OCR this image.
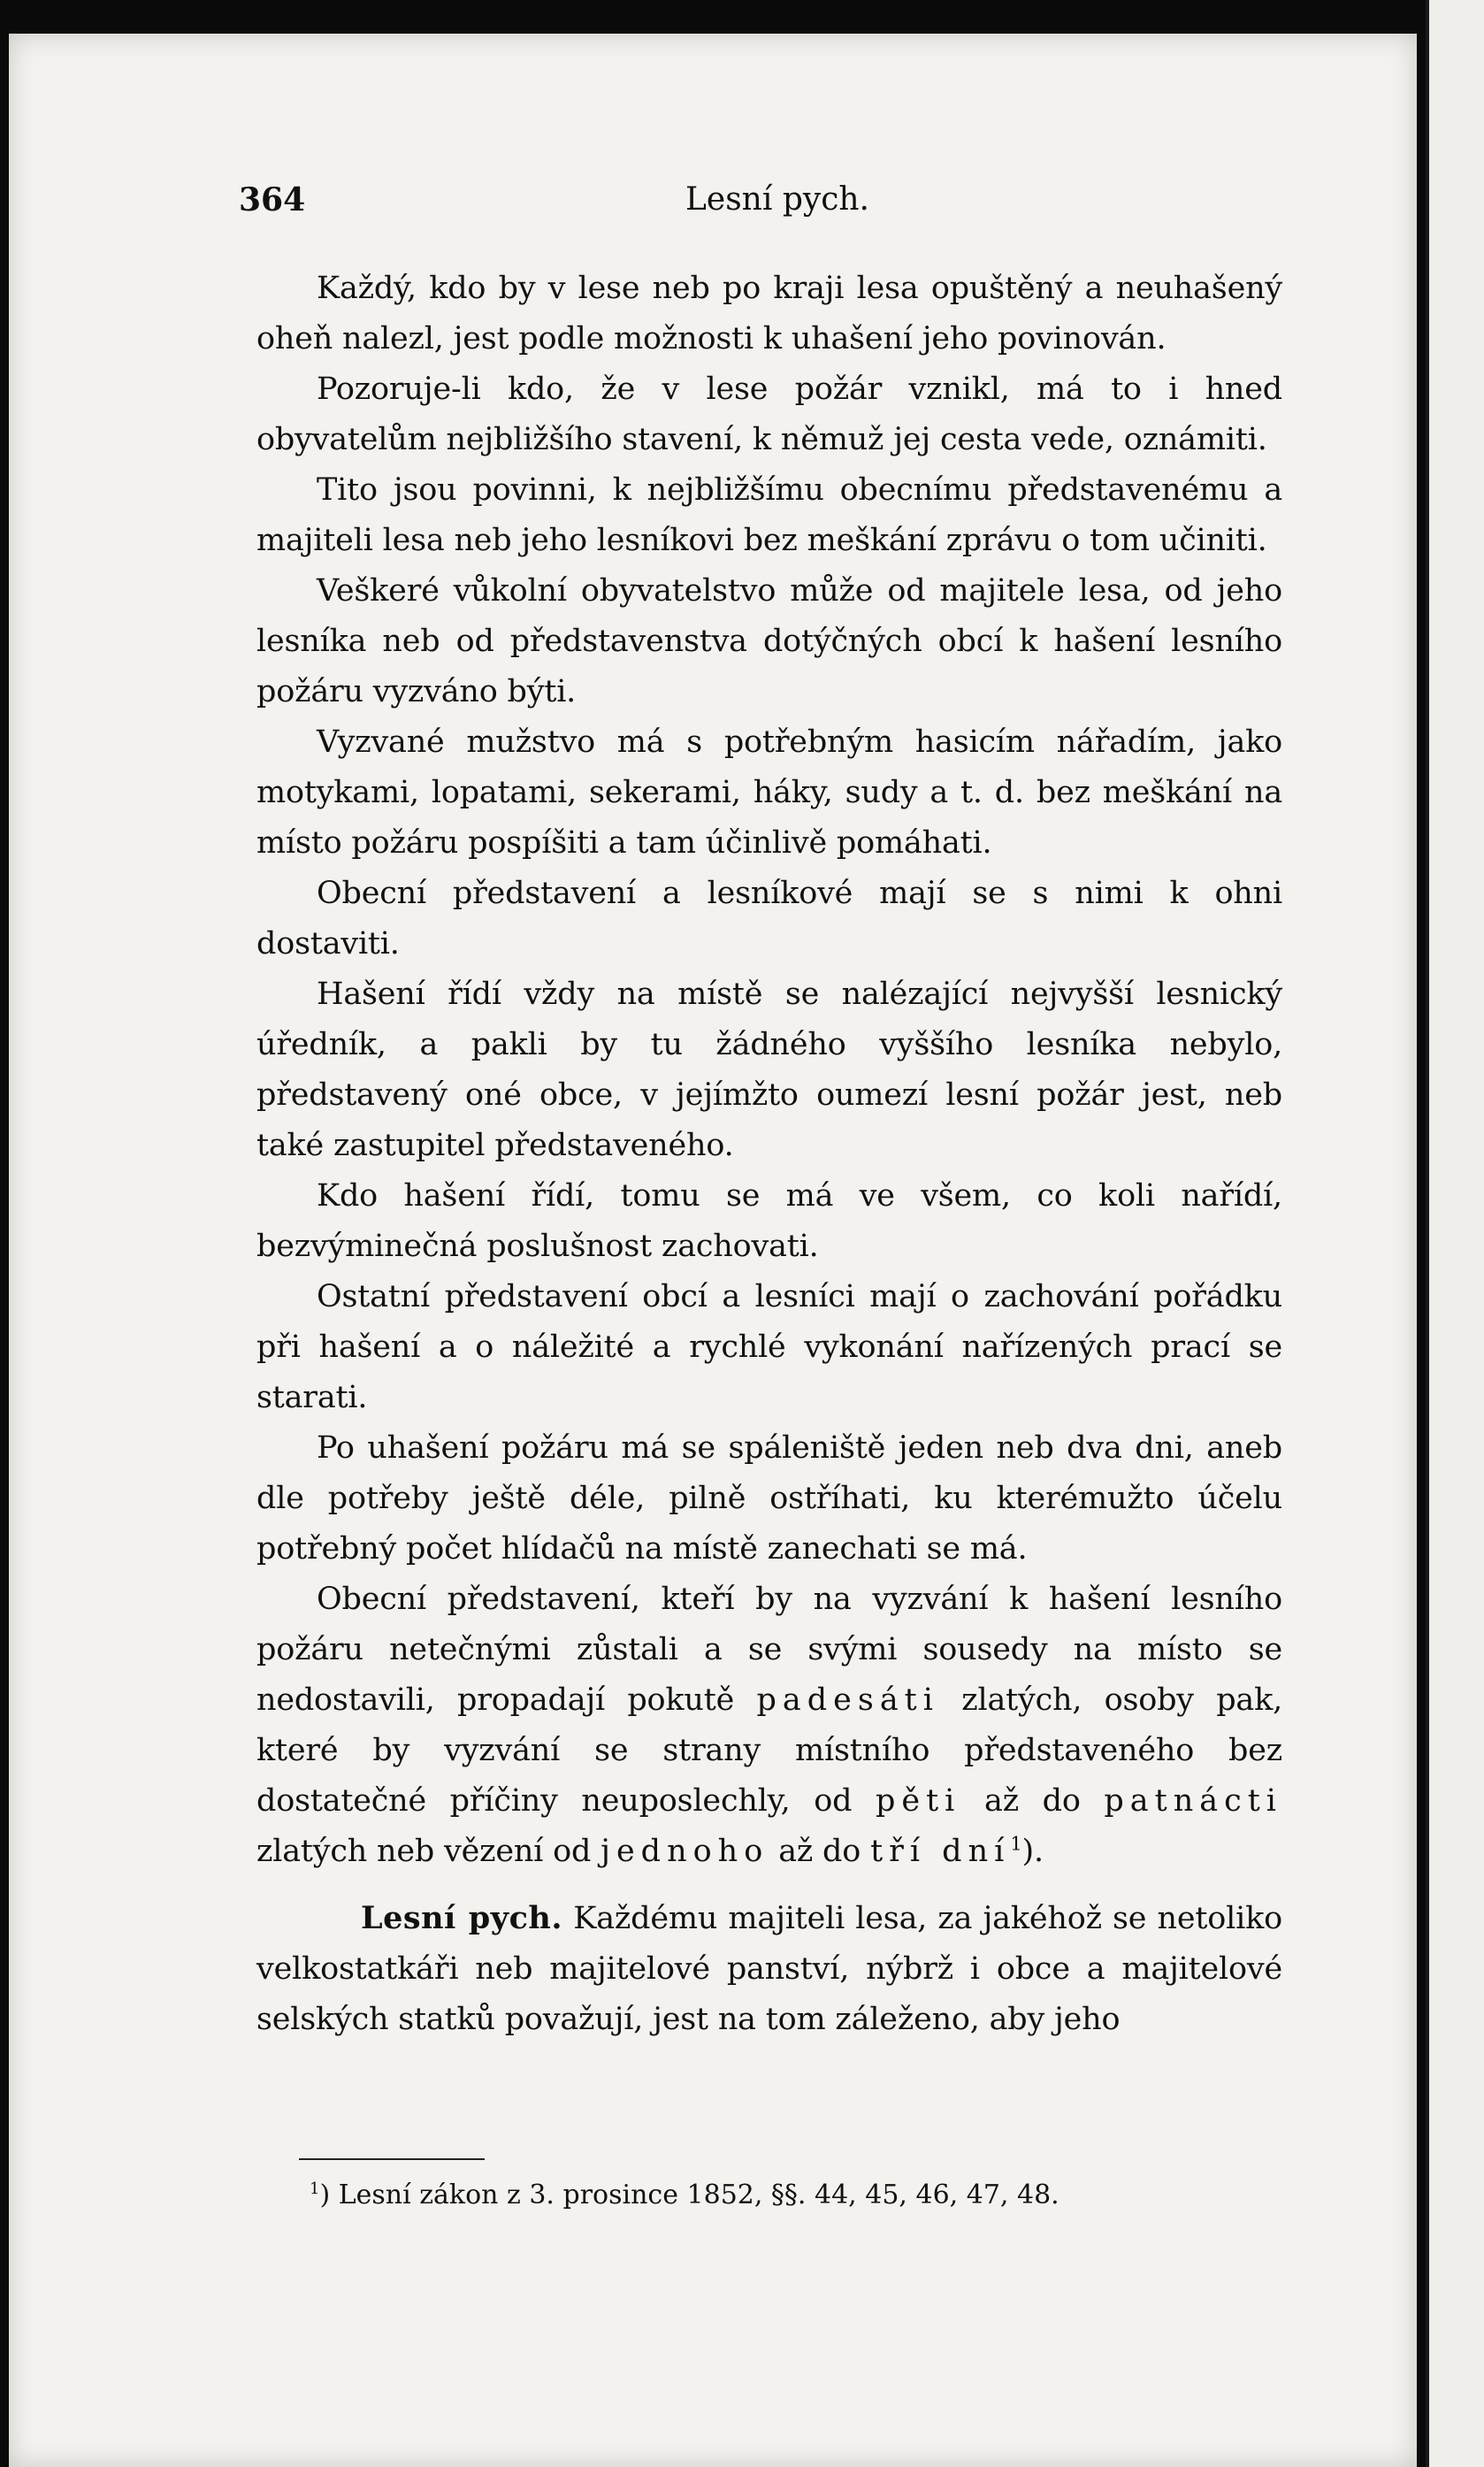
364	Lesní pych.

Každý, kdo by v lese neb po kraji lesa opuštěný a neuhašený oheň nalezl, jest podle možnosti k uhašení jeho povinován.

Pozoruje-li kdo, že v lese požár vznikl, má to i hned obyvatelům nejbližšího stavení, k němuž jej cesta vede, oznámiti.

Tito jsou povinni, k nejbližšímu obecnímu představenému a majiteli lesa neb jeho lesníkovi bez meškání zprávu o tom učiniti.

Veškeré vůkolní obyvatelstvo může od majitele lesa, od jeho lesníka neb od představenstva dotýčných obcí k hašení lesního požáru vyzváno býti.

Vyzvané mužstvo má s potřebným hasicím nářadím, jako motykami, lopatami, sekerami, háky, sudy a t. d. bez meškání na místo požáru pospíšiti a tam účinlivě pomáhati.

Obecní představení a lesníkové mají se s nimi k ohni dostaviti.

Hašení řídí vždy na místě se nalézající nejvyšší lesnický úředník, a pakli by tu žádného vyššího lesníka nebylo, představený oné obce, v jejímžto oumezí lesní požár jest, neb také zastupitel představeného.

Kdo hašení řídí, tomu se má ve všem, co koli nařídí, bezvýminečná poslušnost zachovati.

Ostatní představení obcí a lesníci mají o zachování pořádku při hašení a o náležité a rychlé vykonání nařízených prací se starati.

Po uhašení požáru má se spáleniště jeden neb dva dni, aneb dle potřeby ještě déle, pilně ostříhati, ku kterémužto účelu potřebný počet hlídačů na místě zanechati se má.

Obecní představení, kteří by na vyzvání k hašení lesního požáru netečnými zůstali a se svými sousedy na místo se nedostavili, propadají pokutě padesáti zlatých, osoby pak, které by vyzvání se strany místního představeného bez dostatečné příčiny neuposlechly, od pěti až do patnácti zlatých neb vězení od jednoho až do tří dní$^1$).

Lesní pych. Každému majiteli lesa, za jakéhož se netoliko velkostatkáři neb majitelové panství, nýbrž i obce a majitelové selských statků považují, jest na tom záleženo, aby jeho

$^1$) Lesní zákon z 3. prosince 1852, §§. 44, 45, 46, 47, 48.
